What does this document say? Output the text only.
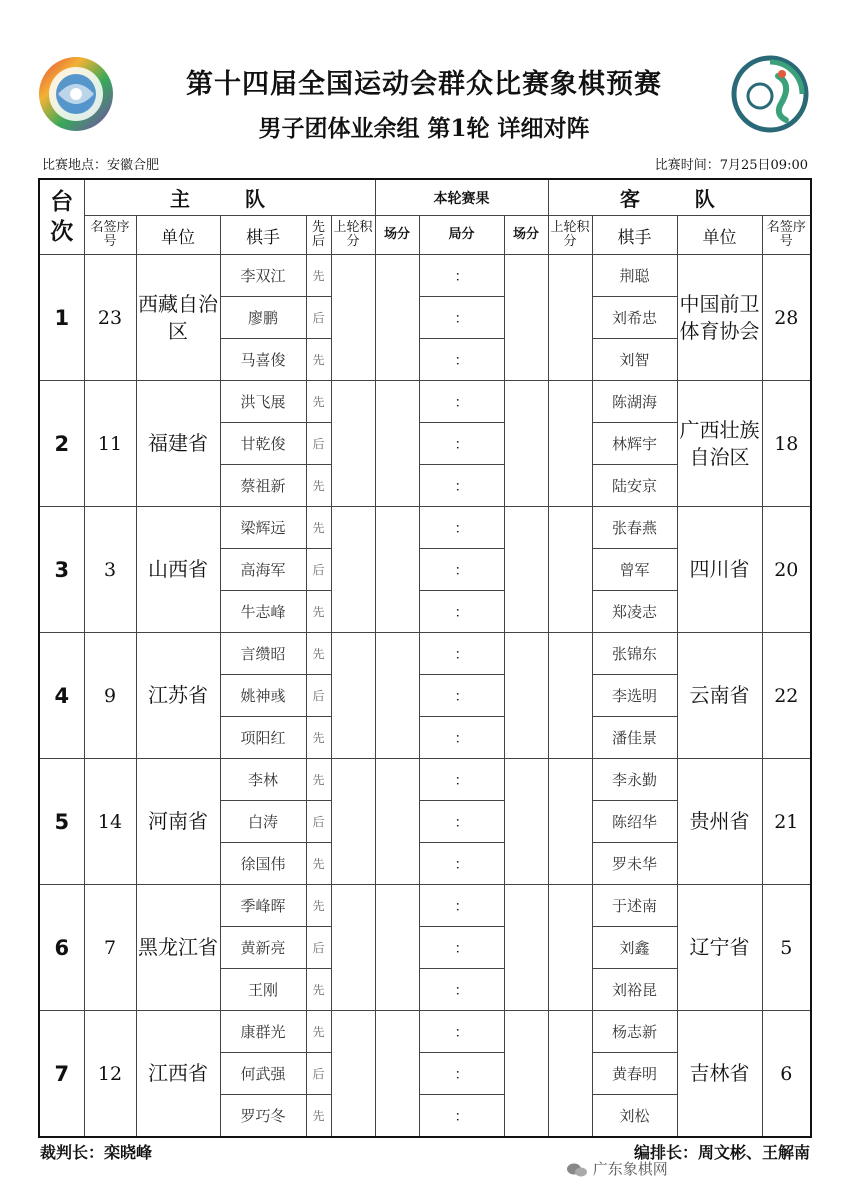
第十四届全国运动会群众比赛象棋预赛
男子团体业余组 第1轮 详细对阵
比赛地点：安徽合肥	比赛时间：7月25日09:00
台次	主 队					本轮赛果			客 队			
	名签序号	单位	棋手	先后	上轮积分	场分	局分	场分	上轮积分	棋手	单位	名签序号
1	23	西藏自治区	李双江	先			：			荆聪	中国前卫体育协会	28
			廖鹏	后			：			刘希忠		
			马喜俊	先			：			刘智		
2	11	福建省	洪飞展	先			：			陈湖海	广西壮族自治区	18
			甘乾俊	后			：			林辉宇		
			蔡祖新	先			：			陆安京		
3	3	山西省	梁辉远	先			：			张春燕	四川省	20
			高海军	后			：			曾军		
			牛志峰	先			：			郑凌志		
4	9	江苏省	言缵昭	先			：			张锦东	云南省	22
			姚神彧	后			：			李选明		
			项阳红	先			：			潘佳景		
5	14	河南省	李林	先			：			李永勤	贵州省	21
			白涛	后			：			陈绍华		
			徐国伟	先			：			罗未华		
6	7	黑龙江省	季峰晖	先			：			于述南	辽宁省	5
			黄新亮	后			：			刘鑫		
			王刚	先			：			刘裕昆		
7	12	江西省	康群光	先			：			杨志新	吉林省	6
			何武强	后			：			黄春明		
			罗巧冬	先			：			刘松		
裁判长：栾晓峰	编排长：周文彬、王解南
广东象棋网
